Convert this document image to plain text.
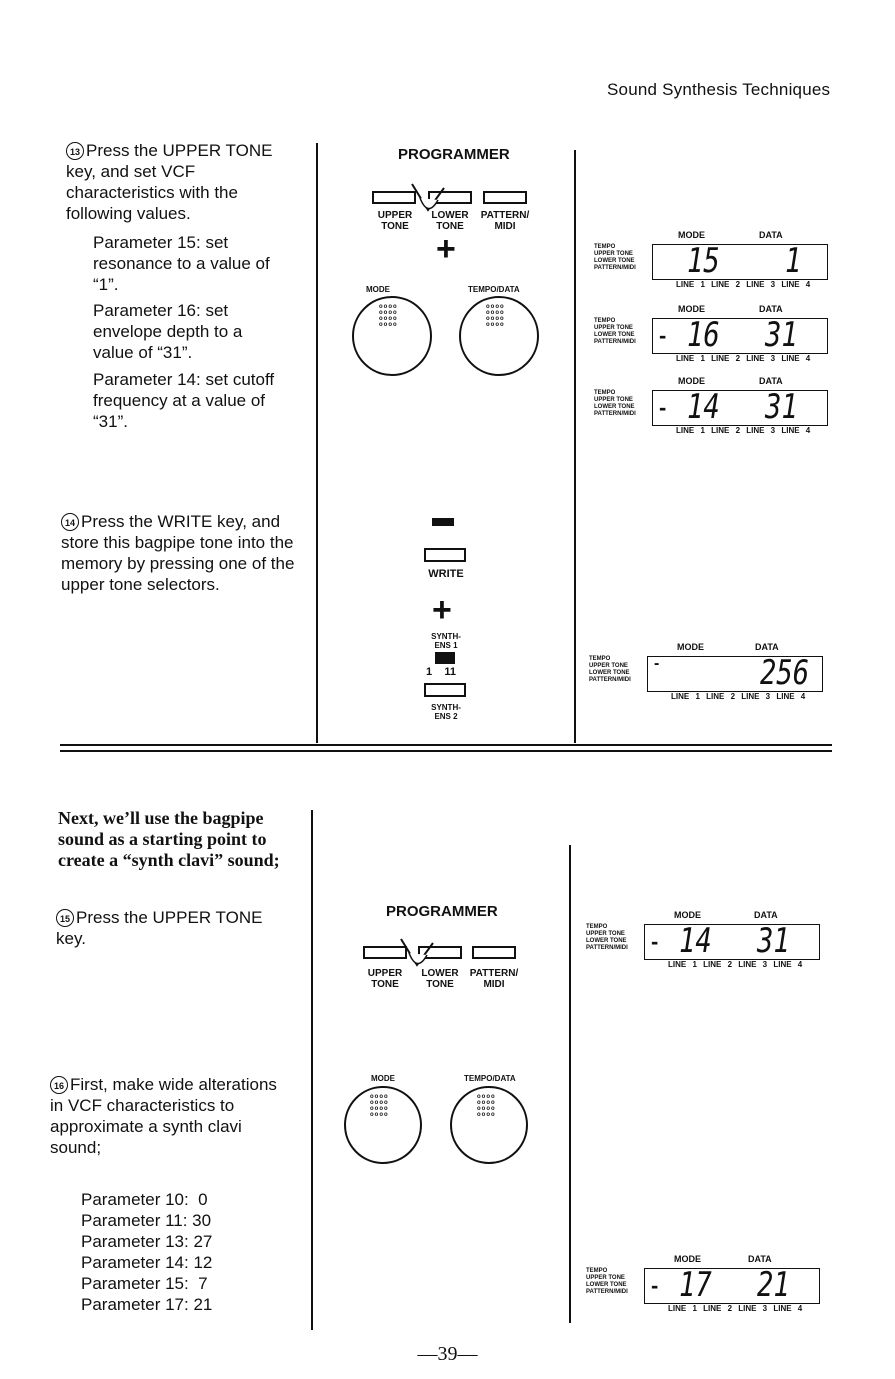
Sound Synthesis Techniques
13 Press the UPPER TONE key, and set VCF characteristics with the following values.
Parameter 15: set resonance to a value of “1”.
Parameter 16: set envelope depth to a value of “31”.
Parameter 14: set cutoff frequency at a value of “31”.
14 Press the WRITE key, and store this bagpipe tone into the memory by pressing one of the upper tone selectors.
Next, we’ll use the bagpipe sound as a starting point to create a “synth clavi” sound;
15 Press the UPPER TONE key.
16 First, make wide alterations in VCF characteristics to approximate a synth clavi sound;
Parameter 10:  0
Parameter 11: 30
Parameter 13: 27
Parameter 14: 12
Parameter 15:  7
Parameter 17: 21
PROGRAMMER
UPPER
TONE
LOWER
TONE
PATTERN/
MIDI
+
MODE	TEMPO/DATA
oooo
oooo
oooo
oooo
oooo
oooo
oooo
oooo
WRITE
+
SYNTH-
ENS 1
1    11
SYNTH-
ENS 2
PROGRAMMER
UPPER
TONE
LOWER
TONE
PATTERN/
MIDI
MODE	TEMPO/DATA
oooo
oooo
oooo
oooo
oooo
oooo
oooo
oooo
MODE	DATA
TEMPO
UPPER TONE
LOWER TONE
PATTERN/MIDI 15 1
LINE 1 LINE 2 LINE 3 LINE 4
MODE	DATA
TEMPO
UPPER TONE
LOWER TONE
PATTERN/MIDI - 16 31
LINE 1 LINE 2 LINE 3 LINE 4
MODE	DATA
TEMPO
UPPER TONE
LOWER TONE
PATTERN/MIDI - 14 31
LINE 1 LINE 2 LINE 3 LINE 4
MODE	DATA
TEMPO
UPPER TONE
LOWER TONE
PATTERN/MIDI
-	256
LINE 1 LINE 2 LINE 3 LINE 4
MODE	DATA
TEMPO
UPPER TONE
LOWER TONE
PATTERN/MIDI - 14 31
LINE 1 LINE 2 LINE 3 LINE 4
MODE	DATA
TEMPO
UPPER TONE
LOWER TONE
PATTERN/MIDI - 17 21
LINE 1 LINE 2 LINE 3 LINE 4
—39—
